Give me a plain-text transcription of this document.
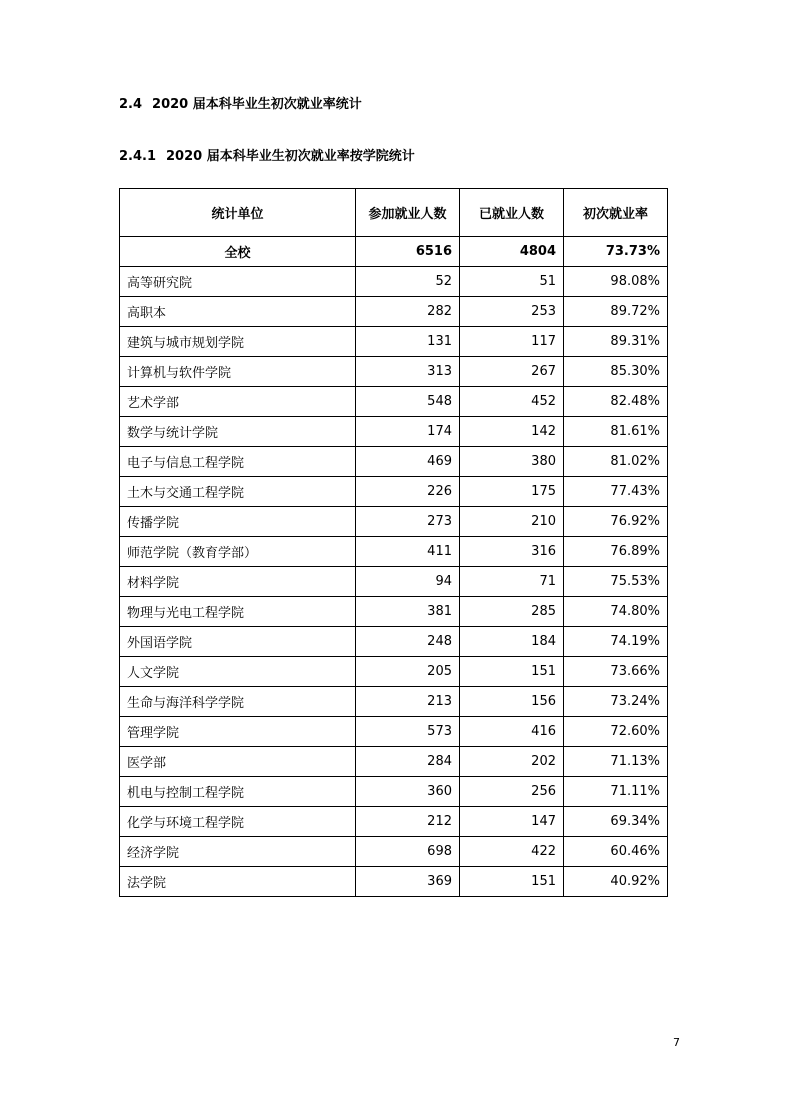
2.4 2020 届本科毕业生初次就业率统计
2.4.1 2020 届本科毕业生初次就业率按学院统计
统计单位	参加就业人数	已就业人数	初次就业率
全校	6516	4804	73.73%
高等研究院	52	51	98.08%
高职本	282	253	89.72%
建筑与城市规划学院	131	117	89.31%
计算机与软件学院	313	267	85.30%
艺术学部	548	452	82.48%
数学与统计学院	174	142	81.61%
电子与信息工程学院	469	380	81.02%
土木与交通工程学院	226	175	77.43%
传播学院	273	210	76.92%
师范学院（教育学部）	411	316	76.89%
材料学院	94	71	75.53%
物理与光电工程学院	381	285	74.80%
外国语学院	248	184	74.19%
人文学院	205	151	73.66%
生命与海洋科学学院	213	156	73.24%
管理学院	573	416	72.60%
医学部	284	202	71.13%
机电与控制工程学院	360	256	71.11%
化学与环境工程学院	212	147	69.34%
经济学院	698	422	60.46%
法学院	369	151	40.92%
7
